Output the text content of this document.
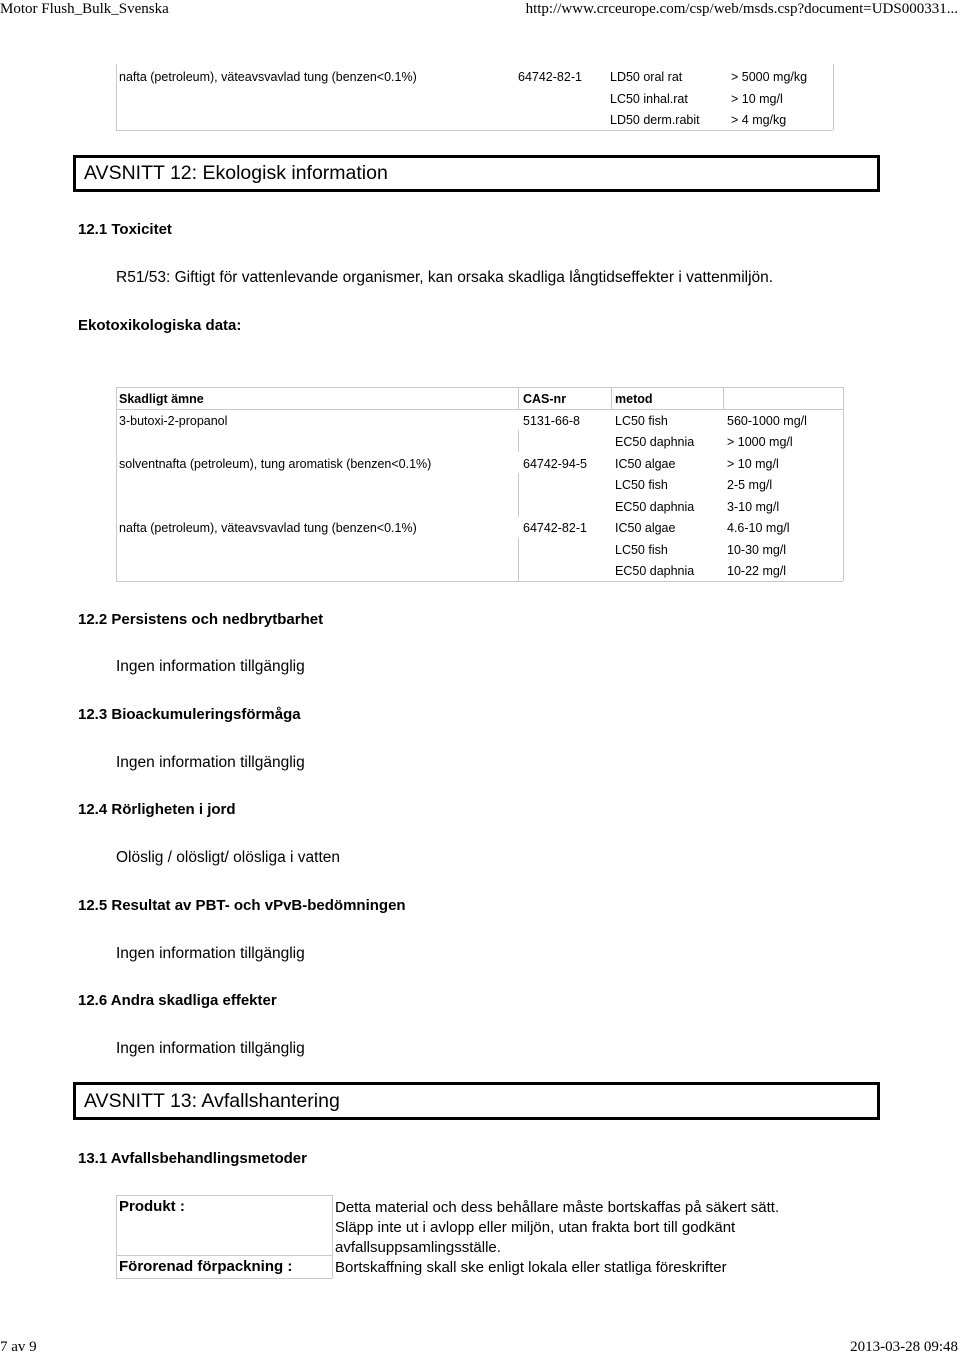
Motor Flush_Bulk_Svenska	http://www.crceurope.com/csp/web/msds.csp?document=UDS000331...
nafta (petroleum), väteavsvavlad tung (benzen<0.1%)	64742-82-1 LD50 oral rat	> 5000 mg/kg
LC50 inhal.rat	> 10 mg/l
LD50 derm.rabit	> 4 mg/kg
AVSNITT 12: Ekologisk information
12.1 Toxicitet
R51/53: Giftigt för vattenlevande organismer, kan orsaka skadliga långtidseffekter i vattenmiljön.
Ekotoxikologiska data:
Skadligt ämne	CAS-nr	metod
3-butoxi-2-propanol	5131-66-8	LC50 fish	560-1000 mg/l
EC50 daphnia	> 1000 mg/l
solventnafta (petroleum), tung aromatisk (benzen<0.1%)	64742-94-5 IC50 algae	> 10 mg/l
LC50 fish	2-5 mg/l
EC50 daphnia	3-10 mg/l
nafta (petroleum), väteavsvavlad tung (benzen<0.1%)	64742-82-1 IC50 algae	4.6-10 mg/l
LC50 fish	10-30 mg/l
EC50 daphnia	10-22 mg/l
12.2 Persistens och nedbrytbarhet
Ingen information tillgänglig
12.3 Bioackumuleringsförmåga
Ingen information tillgänglig
12.4 Rörligheten i jord
Olöslig / olösligt/ olösliga i vatten
12.5 Resultat av PBT- och vPvB-bedömningen
Ingen information tillgänglig
12.6 Andra skadliga effekter
Ingen information tillgänglig
AVSNITT 13: Avfallshantering
13.1 Avfallsbehandlingsmetoder
Produkt :	Detta material och dess behållare måste bortskaffas på säkert sätt.
Släpp inte ut i avlopp eller miljön, utan frakta bort till godkänt
avfallsuppsamlingsställe.
Förorenad förpackning :	Bortskaffning skall ske enligt lokala eller statliga föreskrifter
7 av 9	2013-03-28 09:48
